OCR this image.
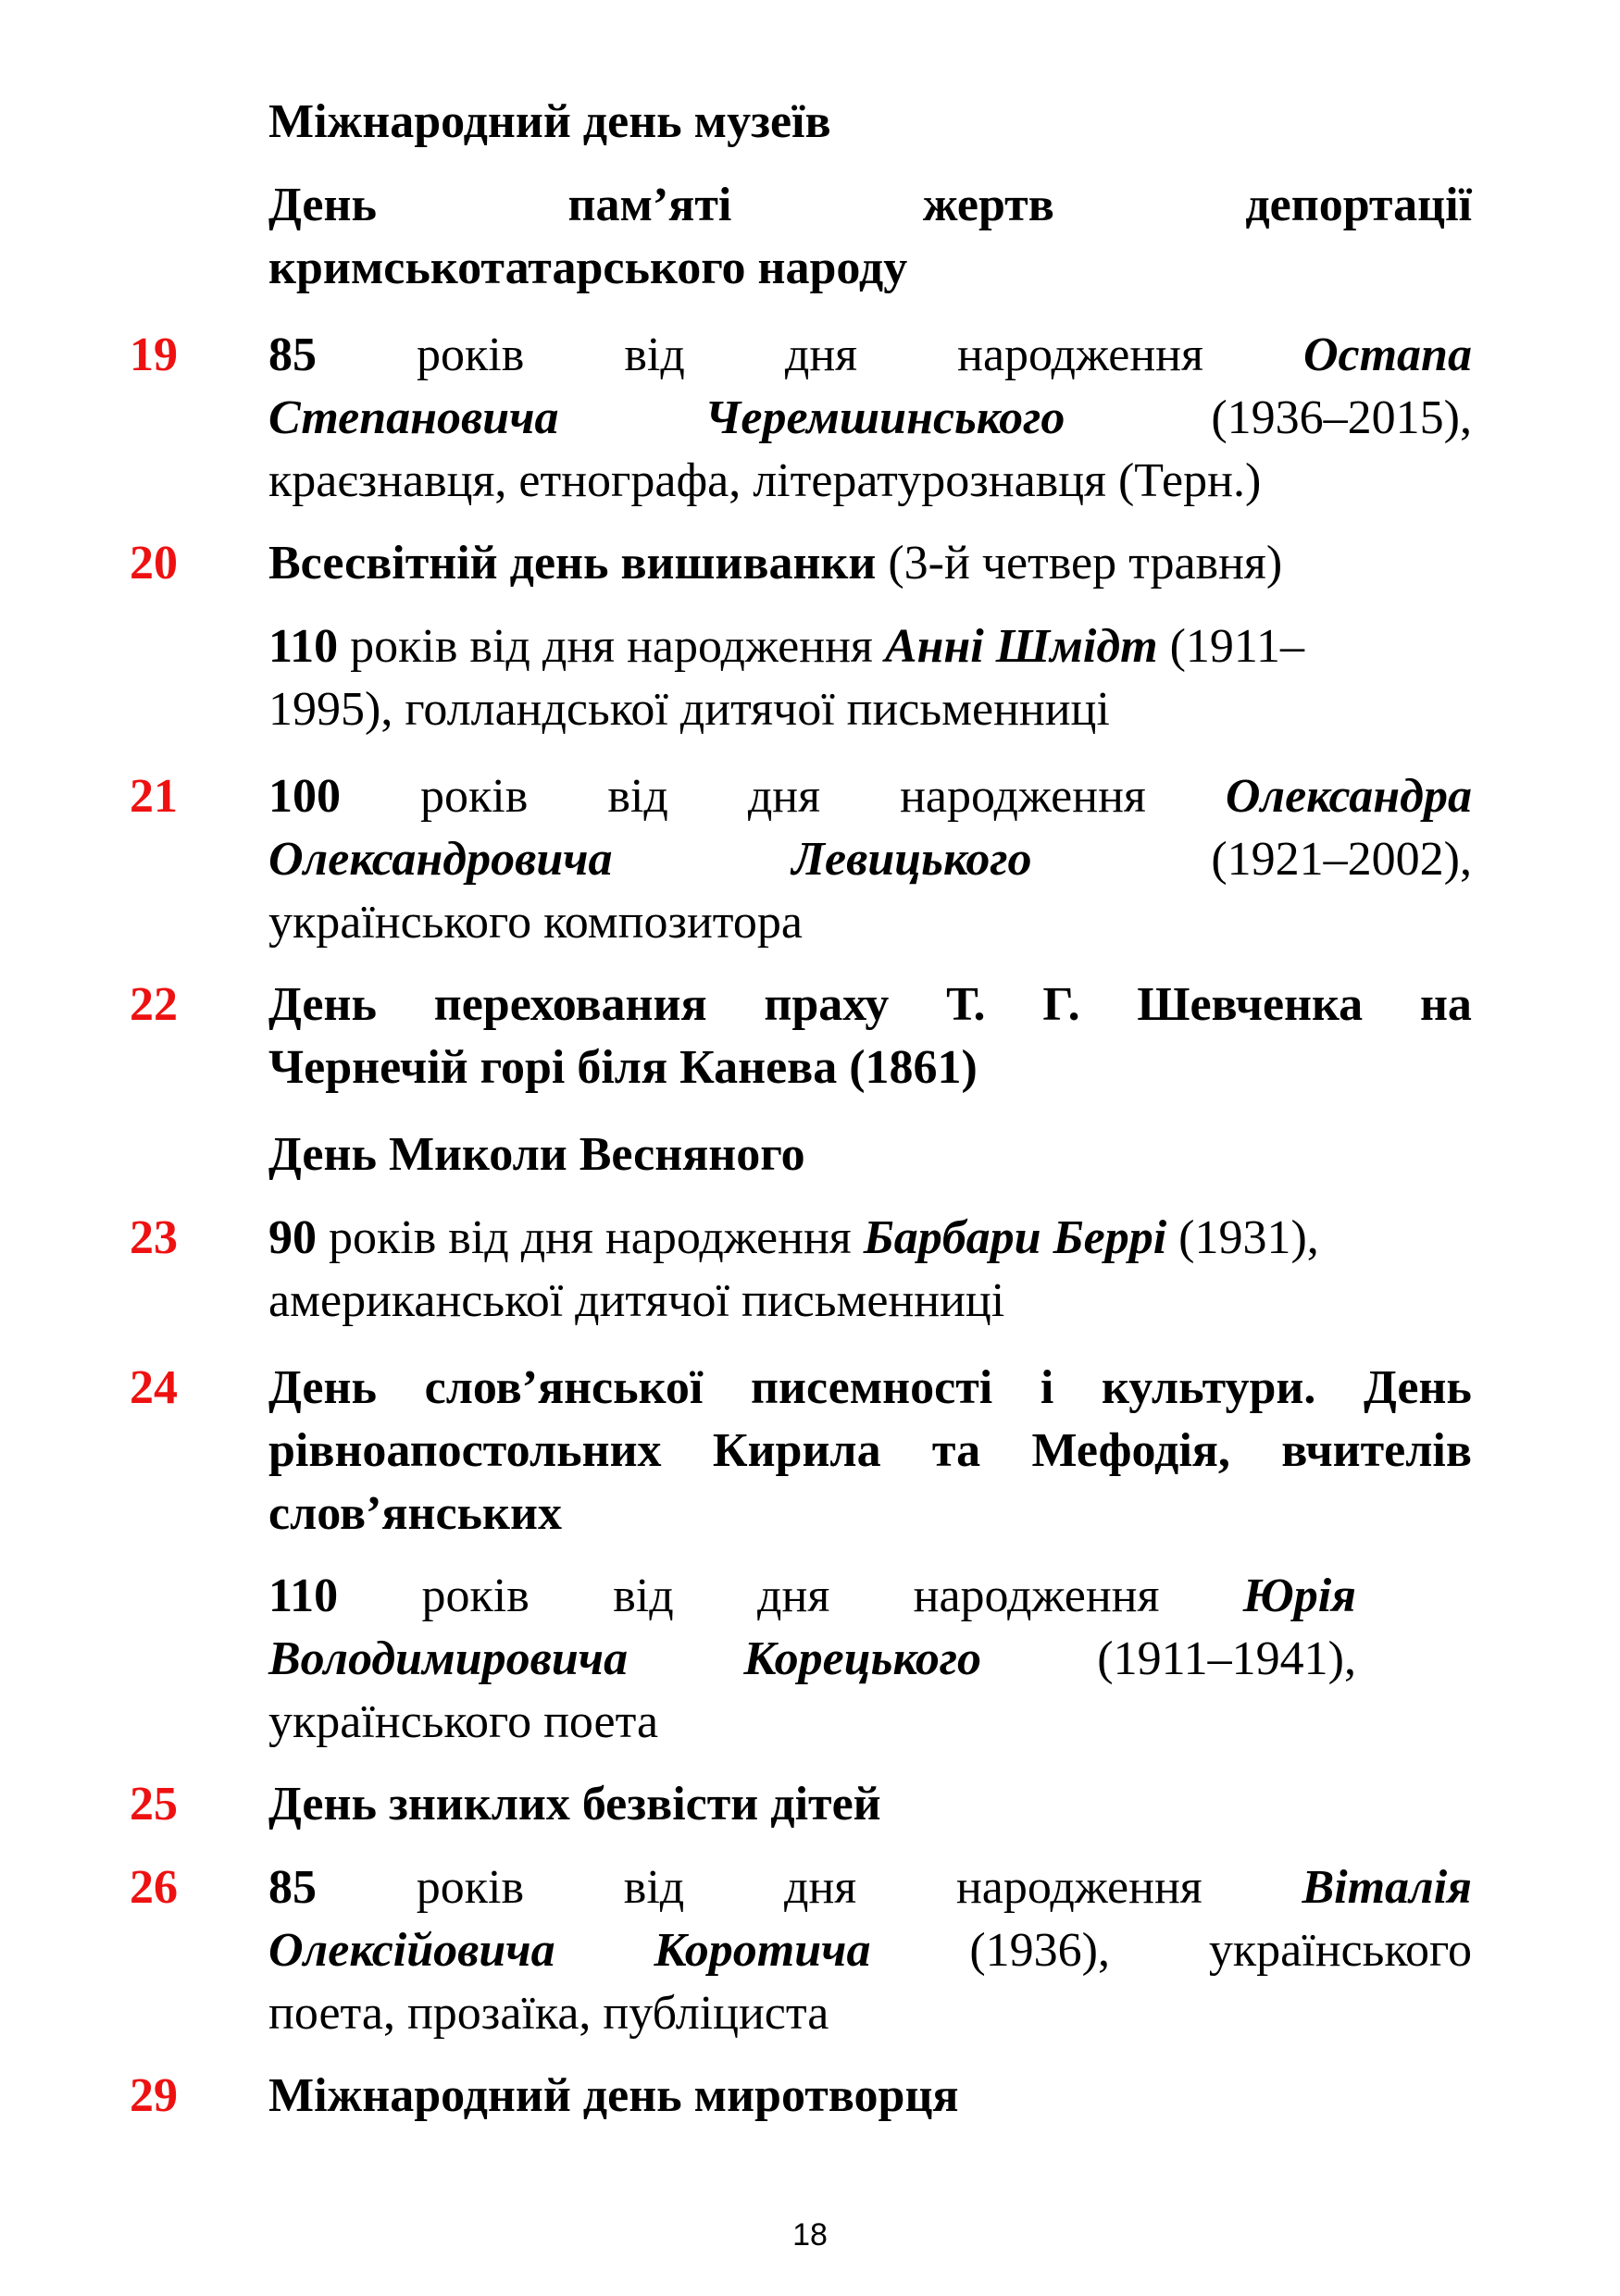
Міжнародний день музеїв
День	пам’яті	жертв	депортації
кримськотатарського народу
19 85 років від дня народження Остапа
Степановича	Черемшинського	(1936–2015),
краєзнавця, етнографа, літературознавця (Терн.)
20 Всесвітній день вишиванки (3-й четвер травня)
110 років від дня народження Анні Шмідт (1911–
1995), голландської дитячої письменниці
21 100 років від дня народження Олександра
Олександровича	Левицького	(1921–2002),
українського композитора
22 День перехования праху Т. Г. Шевченка на
Чернечій горі біля Канева (1861)
День Миколи Весняного
23 90 років від дня народження Барбари Беррі (1931),
американської дитячої письменниці
24 День слов’янської писемності і культури. День
рівноапостольних Кирила та Мефодія, вчителів
слов’янських
110 років від дня народження Юрія
Володимировича Корецького (1911–1941),
українського поета
25 День зниклих безвісти дітей
26 85 років від дня народження Віталія
Олексійовича Коротича (1936), українського
поета, прозаїка, публіциста
29 Міжнародний день миротворця
18
